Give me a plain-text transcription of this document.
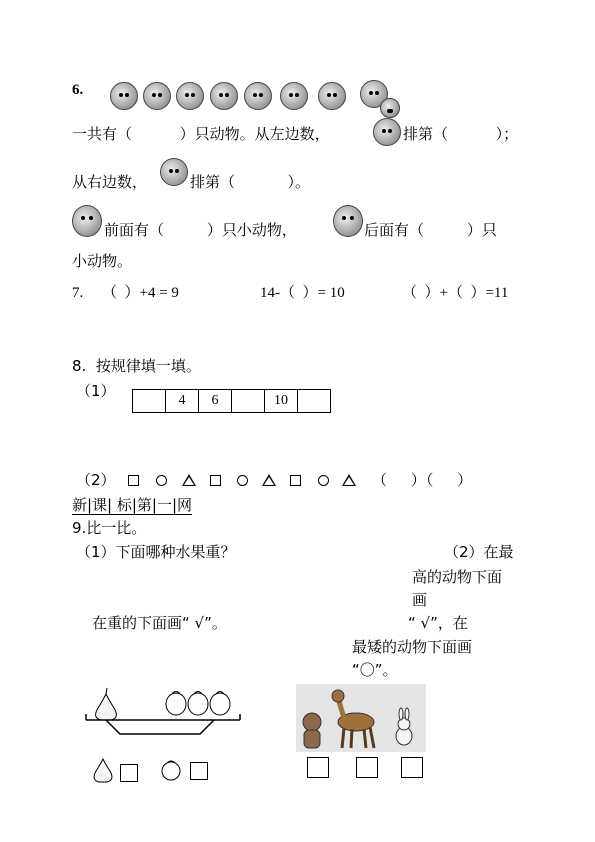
6.
一共有（          ）只动物。从左边数，	排第（          ）；
从右边数，	排第（           ）。
前面有（         ）只小动物，	后面有（         ）只
小动物。
7. （  ）+4 = 9	14-（  ）= 10	（  ）+（  ）=11
8.  按规律填一填。
（1）
	4	6		10	
（2）	（     ）（     ）
新|课| 标|第|一|网
9.比一比。
（1）下面哪种水果重？	（2）在最
高的动物下面
画
在重的下面画“ √”。	“ √”，在
最矮的动物下面画
“〇”。
